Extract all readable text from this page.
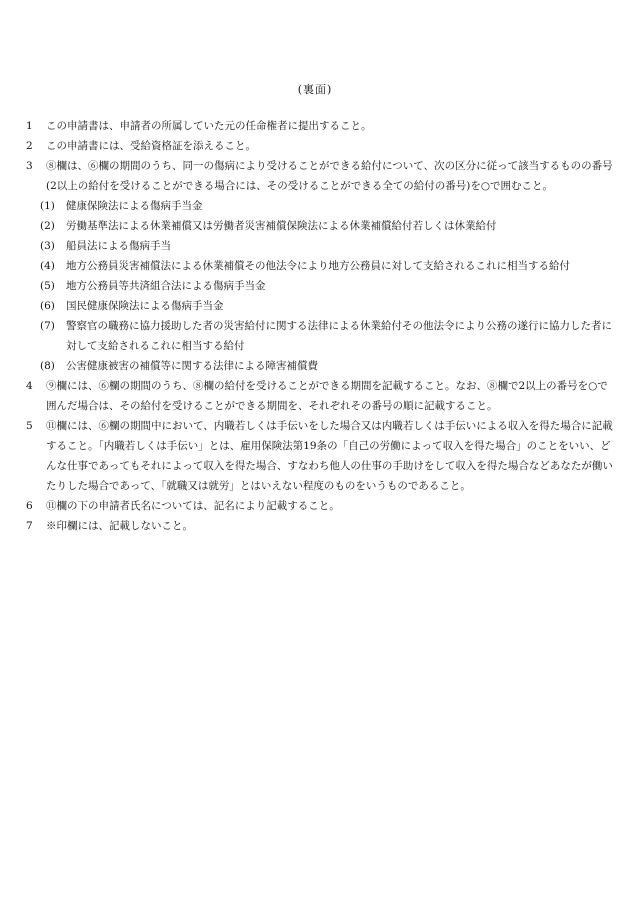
(裏面)
1	この申請書は、申請者の所属していた元の任命権者に提出すること。
2	この申請書には、受給資格証を添えること。
3	⑧欄は、⑥欄の期間のうち、同一の傷病により受けることができる給付について、次の区分に従って該当するものの番号(2以上の給付を受けることができる場合には、その受けることができる全ての給付の番号)を○で囲むこと。
(1)	健康保険法による傷病手当金
(2)	労働基準法による休業補償又は労働者災害補償保険法による休業補償給付若しくは休業給付
(3)	船員法による傷病手当
(4)	地方公務員災害補償法による休業補償その他法令により地方公務員に対して支給されるこれに相当する給付
(5)	地方公務員等共済組合法による傷病手当金
(6)	国民健康保険法による傷病手当金
(7)	警察官の職務に協力援助した者の災害給付に関する法律による休業給付その他法令により公務の遂行に協力した者に対して支給されるこれに相当する給付
(8)	公害健康被害の補償等に関する法律による障害補償費
4	⑨欄には、⑥欄の期間のうち、⑧欄の給付を受けることができる期間を記載すること。なお、⑧欄で2以上の番号を○で囲んだ場合は、その給付を受けることができる期間を、それぞれその番号の順に記載すること。
5	⑪欄には、⑥欄の期間中において、内職若しくは手伝いをした場合又は内職若しくは手伝いによる収入を得た場合に記載すること。「内職若しくは手伝い」とは、雇用保険法第19条の「自己の労働によって収入を得た場合」のことをいい、どんな仕事であってもそれによって収入を得た場合、すなわち他人の仕事の手助けをして収入を得た場合などあなたが働いたりした場合であって、「就職又は就労」とはいえない程度のものをいうものであること。
6	⑪欄の下の申請者氏名については、記名により記載すること。
7	※印欄には、記載しないこと。
